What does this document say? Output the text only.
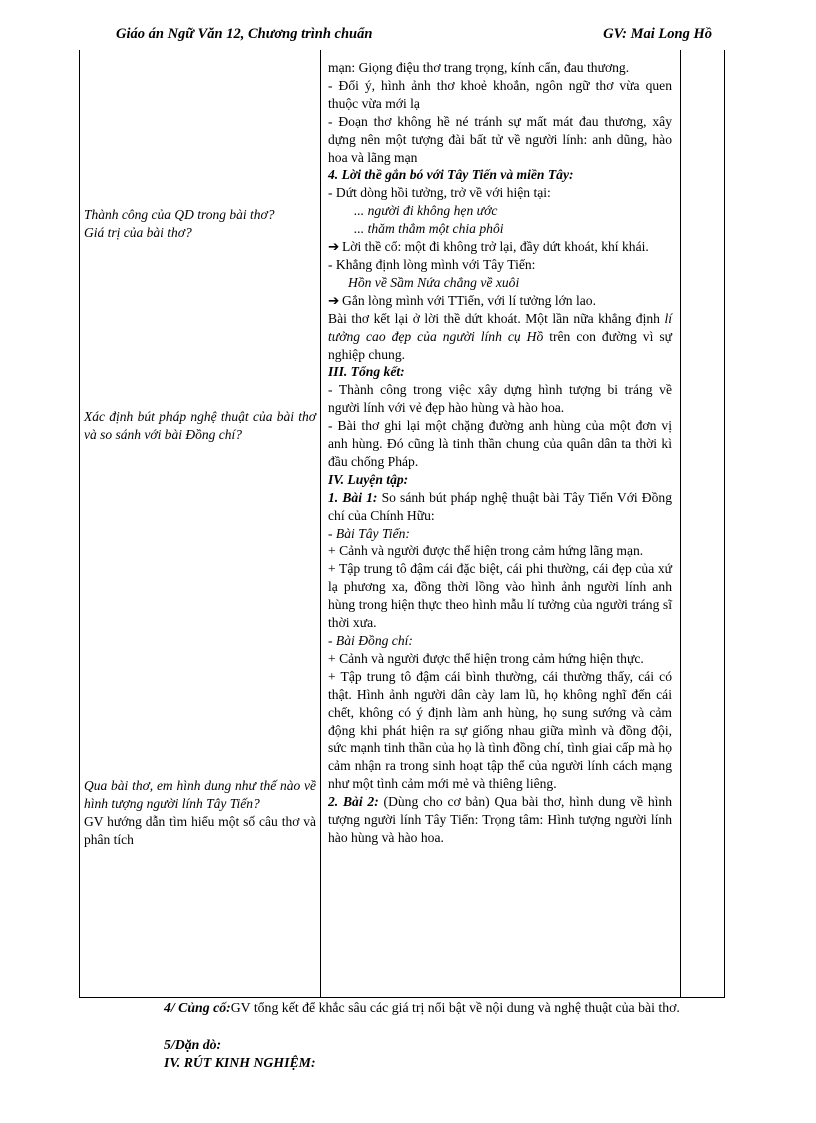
Giáo án Ngữ Văn 12, Chương trình chuẩn	GV: Mai Long Hồ

Thành công của QD trong bài thơ?

Giá trị của bài thơ?

Xác định bút pháp nghệ thuật của bài thơ và so sánh với bài Đồng chí?

Qua bài thơ, em hình dung như thế nào về hình tượng người lính Tây Tiến?

GV hướng dẫn tìm hiểu một số câu thơ và phân tích

mạn: Giọng điệu thơ trang trọng, kính cẩn, đau thương.

- Đối ý, hình ảnh thơ khoẻ khoắn, ngôn ngữ thơ vừa quen thuộc vừa mới lạ

- Đoạn thơ không hề né tránh sự mất mát đau thương, xây dựng nên một tượng đài bất tử về người lính: anh dũng, hào hoa và lãng mạn

4. Lời thề gắn bó với Tây Tiến và miền Tây:

- Dứt dòng hồi tưởng, trở về với hiện tại:

... người đi không hẹn ước

... thăm thẳm một chia phôi

➔ Lời thề cổ: một đi không trở lại, đầy dứt khoát, khí khái.

- Khẳng định lòng mình với Tây Tiến:

Hồn về Sầm Nứa chẳng về xuôi

➔ Gắn lòng mình với TTiến, với lí tưởng lớn lao.

Bài thơ kết lại ở lời thề dứt khoát. Một lần nữa khẳng định lí tưởng cao đẹp của người lính cụ Hồ trên con đường vì sự nghiệp chung.

III. Tổng kết:

- Thành công trong việc xây dựng hình tượng bi tráng về người lính với vẻ đẹp hào hùng và hào hoa.

- Bài thơ ghi lại một chặng đường anh hùng của một đơn vị anh hùng. Đó cũng là tinh thần chung của quân dân ta thời kì đầu chống Pháp.

IV. Luyện tập:

1. Bài 1: So sánh bút pháp nghệ thuật bài Tây Tiến Với Đồng chí của Chính Hữu:

- Bài Tây Tiến:

+ Cảnh và người được thể hiện trong cảm hứng lãng mạn.

+ Tập trung tô đậm cái đặc biệt, cái phi thường, cái đẹp của xứ lạ phương xa, đồng thời lồng vào hình ảnh người lính anh hùng trong hiện thực theo hình mẫu lí tưởng của người tráng sĩ thời xưa.

- Bài Đồng chí:

+ Cảnh và người được thể hiện trong cảm hứng hiện thực.

+ Tập trung tô đậm cái bình thường, cái thường thấy, cái có thật. Hình ảnh người dân cày lam lũ, họ không nghĩ đến cái chết, không có ý định làm anh hùng, họ sung sướng và cảm động khi phát hiện ra sự giống nhau giữa mình và đồng đội, sức mạnh tinh thần của họ là tình đồng chí, tình giai cấp mà họ cảm nhận ra trong sinh hoạt tập thể của người lính cách mạng như một tình cảm mới mẻ và thiêng liêng.

2. Bài 2: (Dùng cho cơ bản) Qua bài thơ, hình dung về hình tượng người lính Tây Tiến: Trọng tâm: Hình tượng người lính hào hùng và hào hoa.

4/ Củng cố:GV tổng kết để khắc sâu các giá trị nổi bật về nội dung và nghệ thuật của bài thơ.
5/Dặn dò:
IV. RÚT KINH NGHIỆM:
